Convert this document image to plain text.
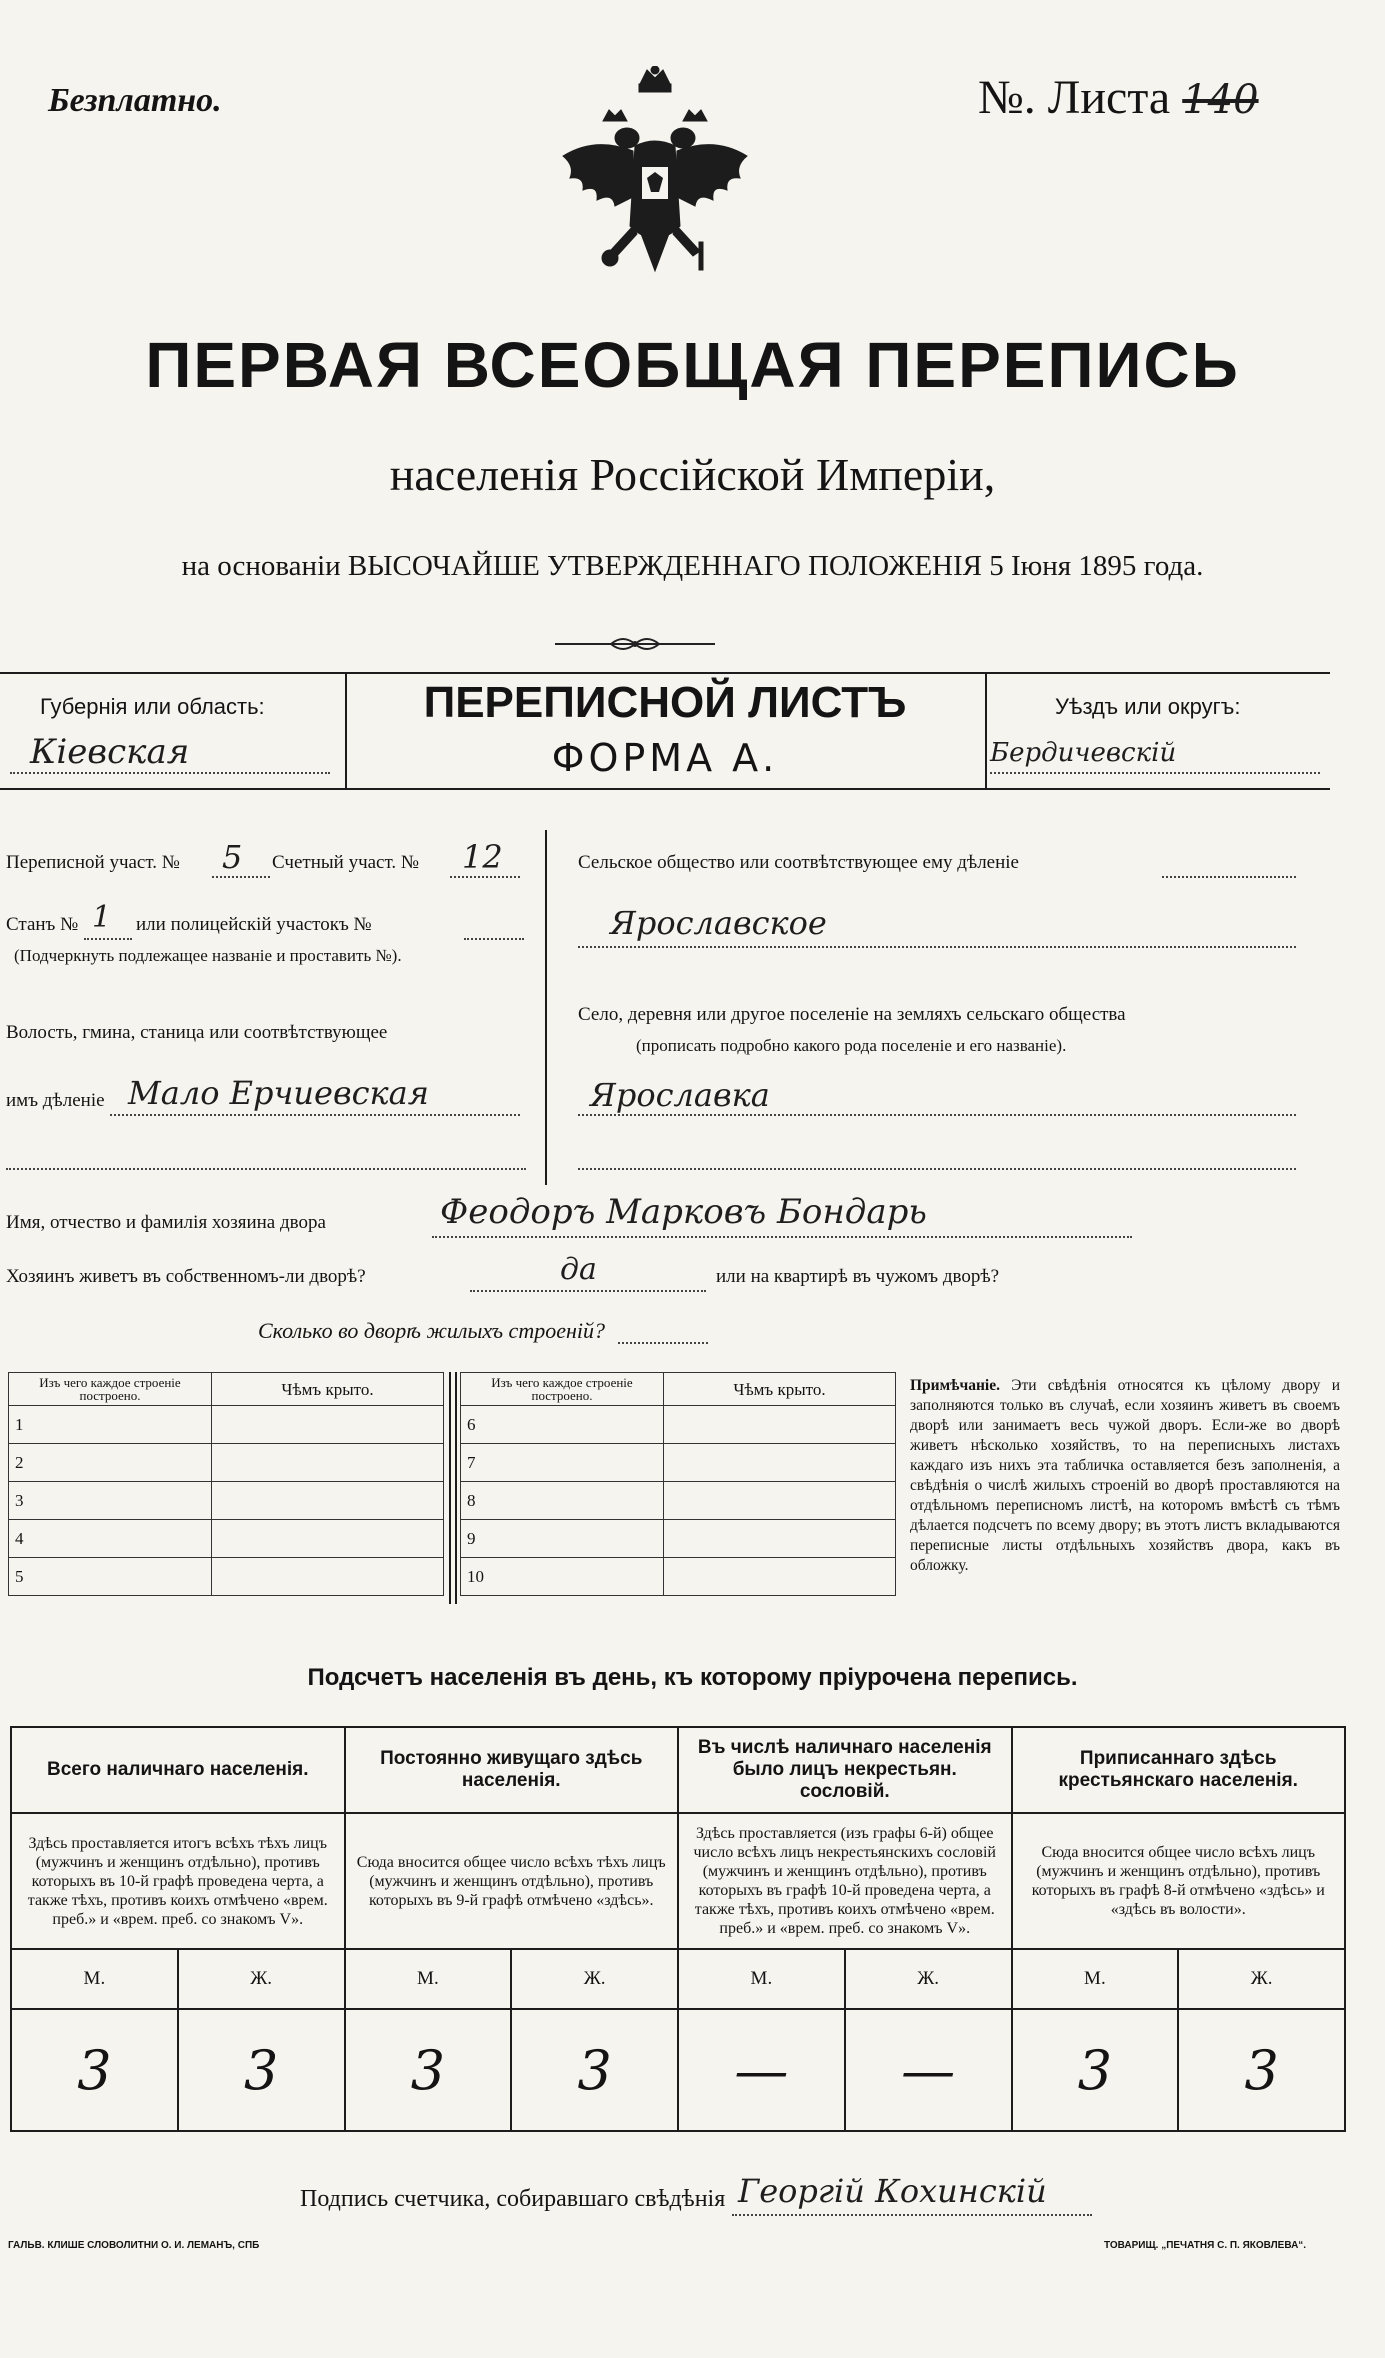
Безплатно.	№. Листа 140
ПЕРВАЯ ВСЕОБЩАЯ ПЕРЕПИСЬ
населенія Россійской Имперіи,
на основаніи ВЫСОЧАЙШЕ УТВЕРЖДЕННАГО ПОЛОЖЕНІЯ 5 Іюня 1895 года.
Губернія или область:
Кіевская
ПЕРЕПИСНОЙ ЛИСТЪ
ФОРМА А.
Уѣздъ или округъ:
Бердичевскій
Переписной участ. № 5 Счетный участ. № 12
Станъ № 1 или полицейскій участокъ №
(Подчеркнуть подлежащее названіе и проставить №).
Волость, гмина, станица или соотвѣтствующее
имъ дѣленіе Мало Ерчиевская
Сельское общество или соотвѣтствующее ему дѣленіе
Ярославское
Село, деревня или другое поселеніе на земляхъ сельскаго общества
(прописать подробно какого рода поселеніе и его названіе).
Ярославка
Имя, отчество и фамилія хозяина двора	Феодоръ Марковъ Бондарь
Хозяинъ живетъ въ собственномъ-ли дворѣ?	да	или на квартирѣ въ чужомъ дворѣ?
Сколько во дворѣ жилыхъ строеній?
Изъ чего каждое строеніе построено.	Чѣмъ крыто.
1	
2	
3	
4	
5	
Изъ чего каждое строеніе построено.	Чѣмъ крыто.
6	
7	
8	
9	
10	
Примѣчаніе. Эти свѣдѣнія относятся къ цѣлому двору и заполняются только въ случаѣ, если хозяинъ живетъ въ своемъ дворѣ или занимаетъ весь чужой дворъ. Если-же во дворѣ живетъ нѣсколько хозяйствъ, то на переписныхъ листахъ каждаго изъ нихъ эта табличка оставляется безъ заполненія, а свѣдѣнія о числѣ жилыхъ строеній во дворѣ проставляются на отдѣльномъ переписномъ листѣ, на которомъ вмѣстѣ съ тѣмъ дѣлается подсчетъ по всему двору; въ этотъ листъ вкладываются переписные листы отдѣльныхъ хозяйствъ двора, какъ въ обложку.
Подсчетъ населенія въ день, къ которому пріурочена перепись.
Всего наличнаго населенія.		Постоянно живущаго здѣсь населенія.		Въ числѣ наличнаго населенія было лицъ некрестьян. сословій.		Приписаннаго здѣсь крестьянскаго населенія.	
Здѣсь проставляется итогъ всѣхъ тѣхъ лицъ (мужчинъ и женщинъ отдѣльно), противъ которыхъ въ 10-й графѣ проведена черта, а также тѣхъ, противъ коихъ отмѣчено «врем. преб.» и «врем. преб. со знакомъ V».		Сюда вносится общее число всѣхъ тѣхъ лицъ (мужчинъ и женщинъ отдѣльно), противъ которыхъ въ 9-й графѣ отмѣчено «здѣсь».		Здѣсь проставляется (изъ графы 6-й) общее число всѣхъ лицъ некрестьянскихъ сословій (мужчинъ и женщинъ отдѣльно), противъ которыхъ въ графѣ 10-й проведена черта, а также тѣхъ, противъ коихъ отмѣчено «врем. преб.» и «врем. преб. со знакомъ V».		Сюда вносится общее число всѣхъ лицъ (мужчинъ и женщинъ отдѣльно), противъ которыхъ въ графѣ 8-й отмѣчено «здѣсь» и «здѣсь въ волости».	
М.	Ж.	М.	Ж.	М.	Ж.	М.	Ж.
3	3	3	3	—	—	3	3
Подпись счетчика, собиравшаго свѣдѣнія Георгій Кохинскій
ГАЛЬВ. КЛИШЕ СЛОВОЛИТНИ О. И. ЛЕМАНЪ, СПБ	ТОВАРИЩ. „ПЕЧАТНЯ С. П. ЯКОВЛЕВА“.
